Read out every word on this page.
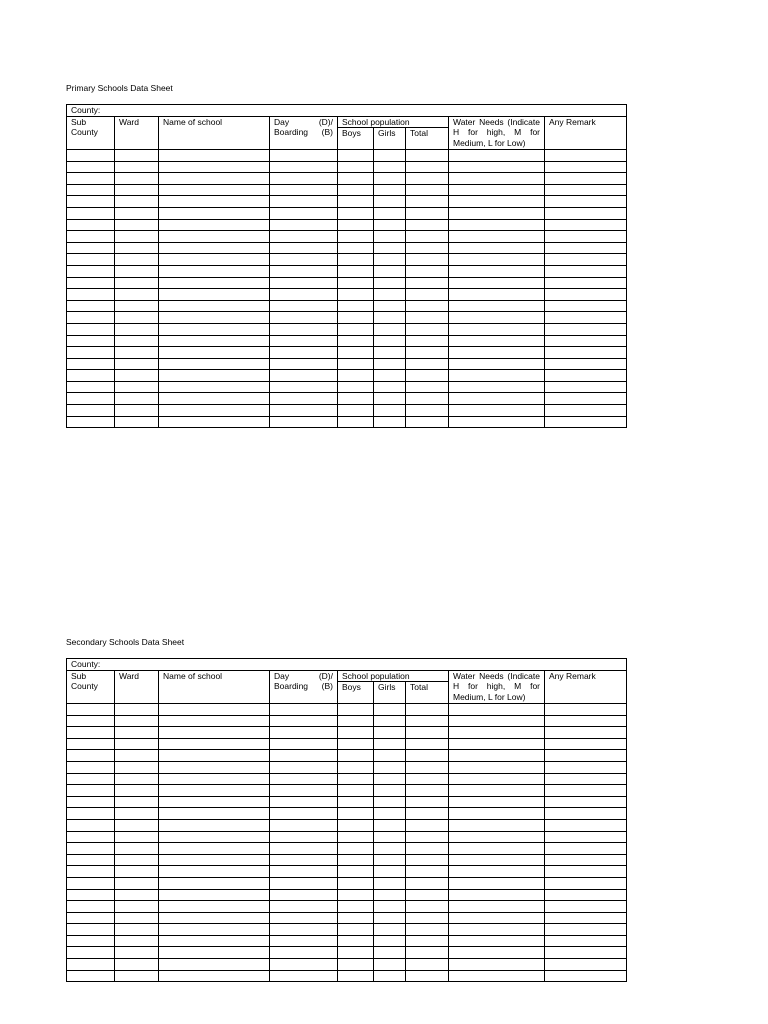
Primary Schools Data Sheet
County:								
Sub County	Ward	Name of school	Day (D)/ Boarding (B)	School population			Water Needs (Indicate H for high, M for Medium, L for Low)	Any Remark
				Boys	Girls	Total		

Secondary Schools Data Sheet
County:								
Sub County	Ward	Name of school	Day (D)/ Boarding (B)	School population			Water Needs (Indicate H for high, M for Medium, L for Low)	Any Remark
				Boys	Girls	Total		
